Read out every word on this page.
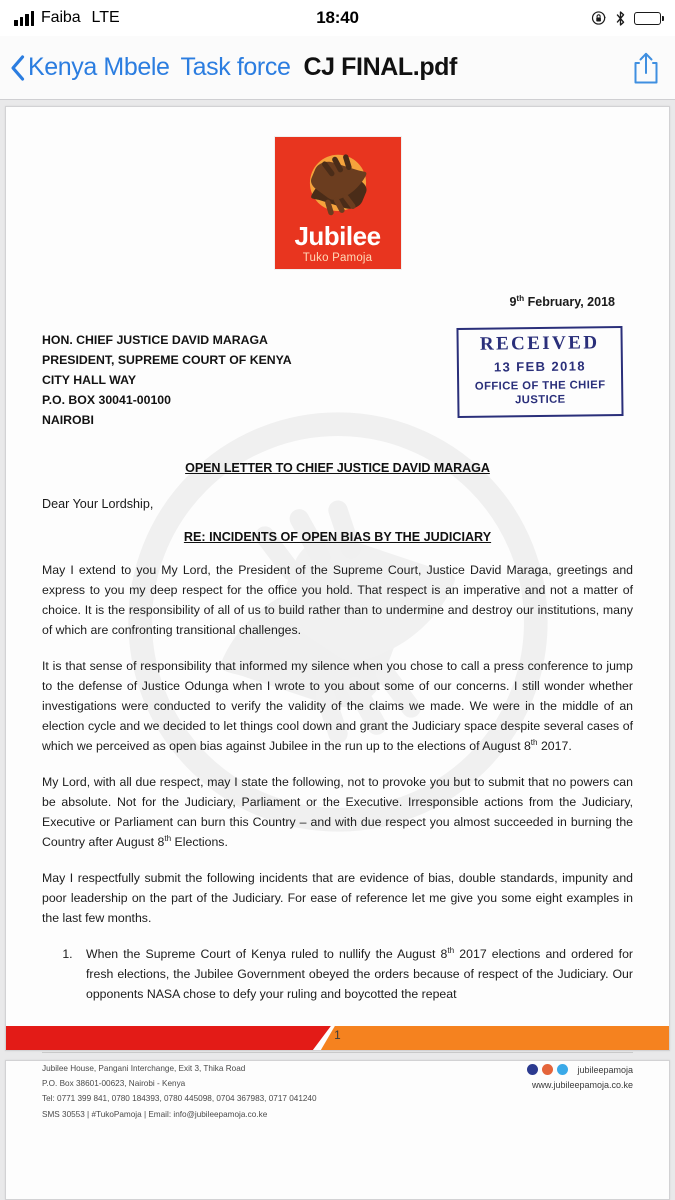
Faiba LTE	18:40
Kenya Mbele Task force CJ FINAL.pdf
Jubilee
Tuko Pamoja
9th February, 2018
HON. CHIEF JUSTICE DAVID MARAGA
PRESIDENT, SUPREME COURT OF KENYA
CITY HALL WAY
P.O. BOX 30041-00100
NAIROBI
RECEIVED
13 FEB 2018
OFFICE OF THE CHIEF
JUSTICE
OPEN LETTER TO CHIEF JUSTICE DAVID MARAGA
Dear Your Lordship,
RE: INCIDENTS OF OPEN BIAS BY THE JUDICIARY

May I extend to you My Lord, the President of the Supreme Court, Justice David Maraga, greetings and express to you my deep respect for the office you hold. That respect is an imperative and not a matter of choice. It is the responsibility of all of us to build rather than to undermine and destroy our institutions, many of which are confronting transitional challenges.

It is that sense of responsibility that informed my silence when you chose to call a press conference to jump to the defense of Justice Odunga when I wrote to you about some of our concerns. I still wonder whether investigations were conducted to verify the validity of the claims we made. We were in the middle of an election cycle and we decided to let things cool down and grant the Judiciary space despite several cases of which we perceived as open bias against Jubilee in the run up to the elections of August 8th 2017.

My Lord, with all due respect, may I state the following, not to provoke you but to submit that no powers can be absolute. Not for the Judiciary, Parliament or the Executive. Irresponsible actions from the Judiciary, Executive or Parliament can burn this Country – and with due respect you almost succeeded in burning the Country after August 8th Elections.

May I respectfully submit the following incidents that are evidence of bias, double standards, impunity and poor leadership on the part of the Judiciary. For ease of reference let me give you some eight examples in the last few months.

1. When the Supreme Court of Kenya ruled to nullify the August 8th 2017 elections and ordered for fresh elections, the Jubilee Government obeyed the orders because of respect of the Judiciary. Our opponents NASA chose to defy your ruling and boycotted the repeat
1
Jubilee House, Pangani Interchange, Exit 3, Thika Road
P.O. Box 38601-00623, Nairobi - Kenya
Tel: 0771 399 841, 0780 184393, 0780 445098, 0704 367983, 0717 041240
SMS 30553 | #TukoPamoja | Email: info@jubileepamoja.co.ke
jubileepamoja
www.jubileepamoja.co.ke
